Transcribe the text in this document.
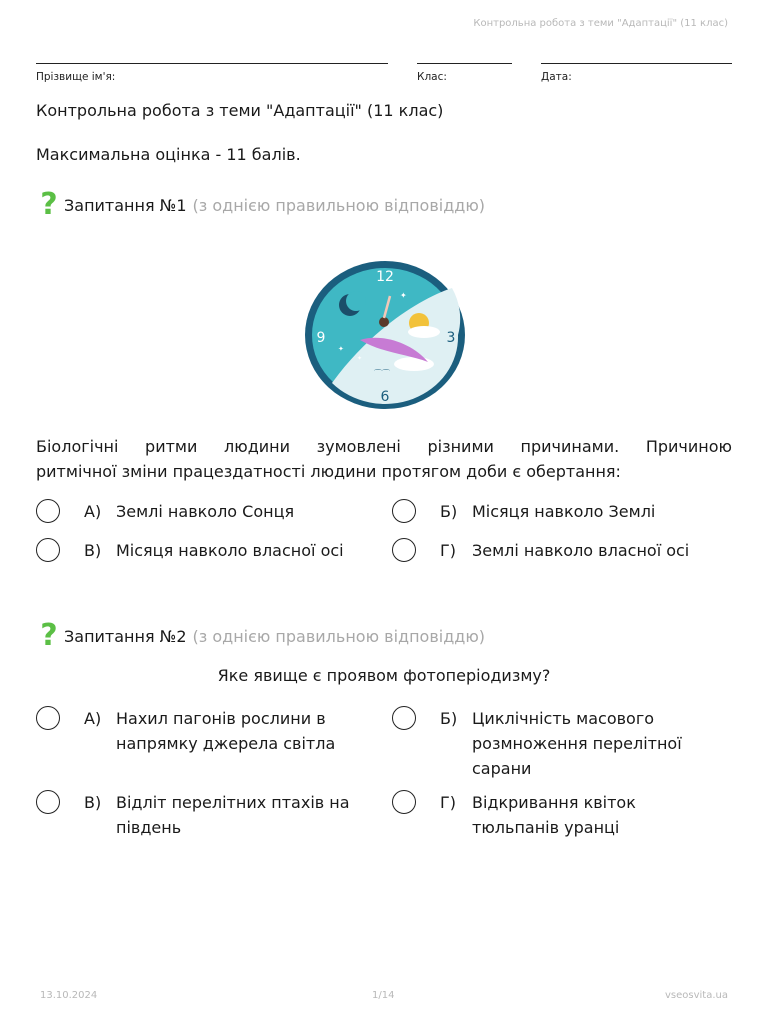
Контрольна робота з теми "Адаптації" (11 клас)
Прізвище ім'я:	Клас:	Дата:
Контрольна робота з теми "Адаптації" (11 клас)
Максимальна оцінка - 11 балів.
? Запитання №1 (з однією правильною відповіддю)
✦
✦
✦
⌒⌒
12
3
6
9
Біологічні ритми людини зумовлені різними причинами. Причиною
ритмічної зміни працездатності людини протягом доби є обертання:
А) Землі навколо Сонця	Б) Місяця навколо Землі
В) Місяця навколо власної осі	Г)	Землі навколо власної осі
? Запитання №2 (з однією правильною відповіддю)
Яке явище є проявом фотоперіодизму?
А) Нахил пагонів рослини в напрямку джерела світла
Б) Циклічність масового розмноження перелітної сарани
В) Відліт перелітних птахів на південь
Г)	Відкривання квіток тюльпанів уранці
13.10.2024	1/14	vseosvita.ua
